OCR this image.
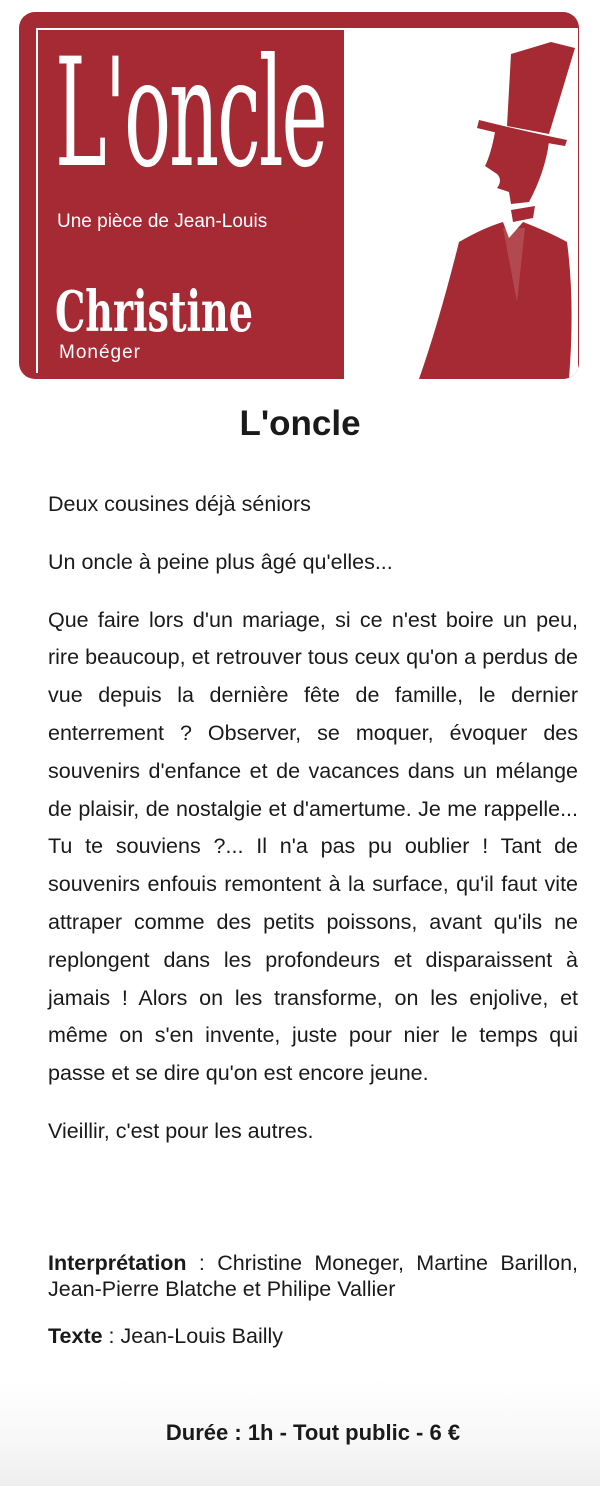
L'oncle
Une pièce de Jean-Louis Bailly
Christine
Monéger
L'oncle

Deux cousines déjà séniors

Un oncle à peine plus âgé qu'elles...

Que faire lors d'un mariage, si ce n'est boire un peu, rire beaucoup, et retrouver tous ceux qu'on a perdus de vue depuis la dernière fête de famille, le dernier enterrement ? Observer, se moquer, évoquer des souvenirs d'enfance et de vacances dans un mélange de plaisir, de nostalgie et d'amertume. Je me rappelle... Tu te souviens ?... Il n'a pas pu oublier ! Tant de souvenirs enfouis remontent à la surface, qu'il faut vite attraper comme des petits poissons, avant qu'ils ne replongent dans les profondeurs et disparaissent à jamais ! Alors on les transforme, on les enjolive, et même on s'en invente, juste pour nier le temps qui passe et se dire qu'on est encore jeune.

Vieillir, c'est pour les autres.

Interprétation : Christine Moneger, Martine Barillon, Jean-Pierre Blatche et Philipe Vallier
Texte : Jean-Louis Bailly
Durée : 1h - Tout public - 6 €
